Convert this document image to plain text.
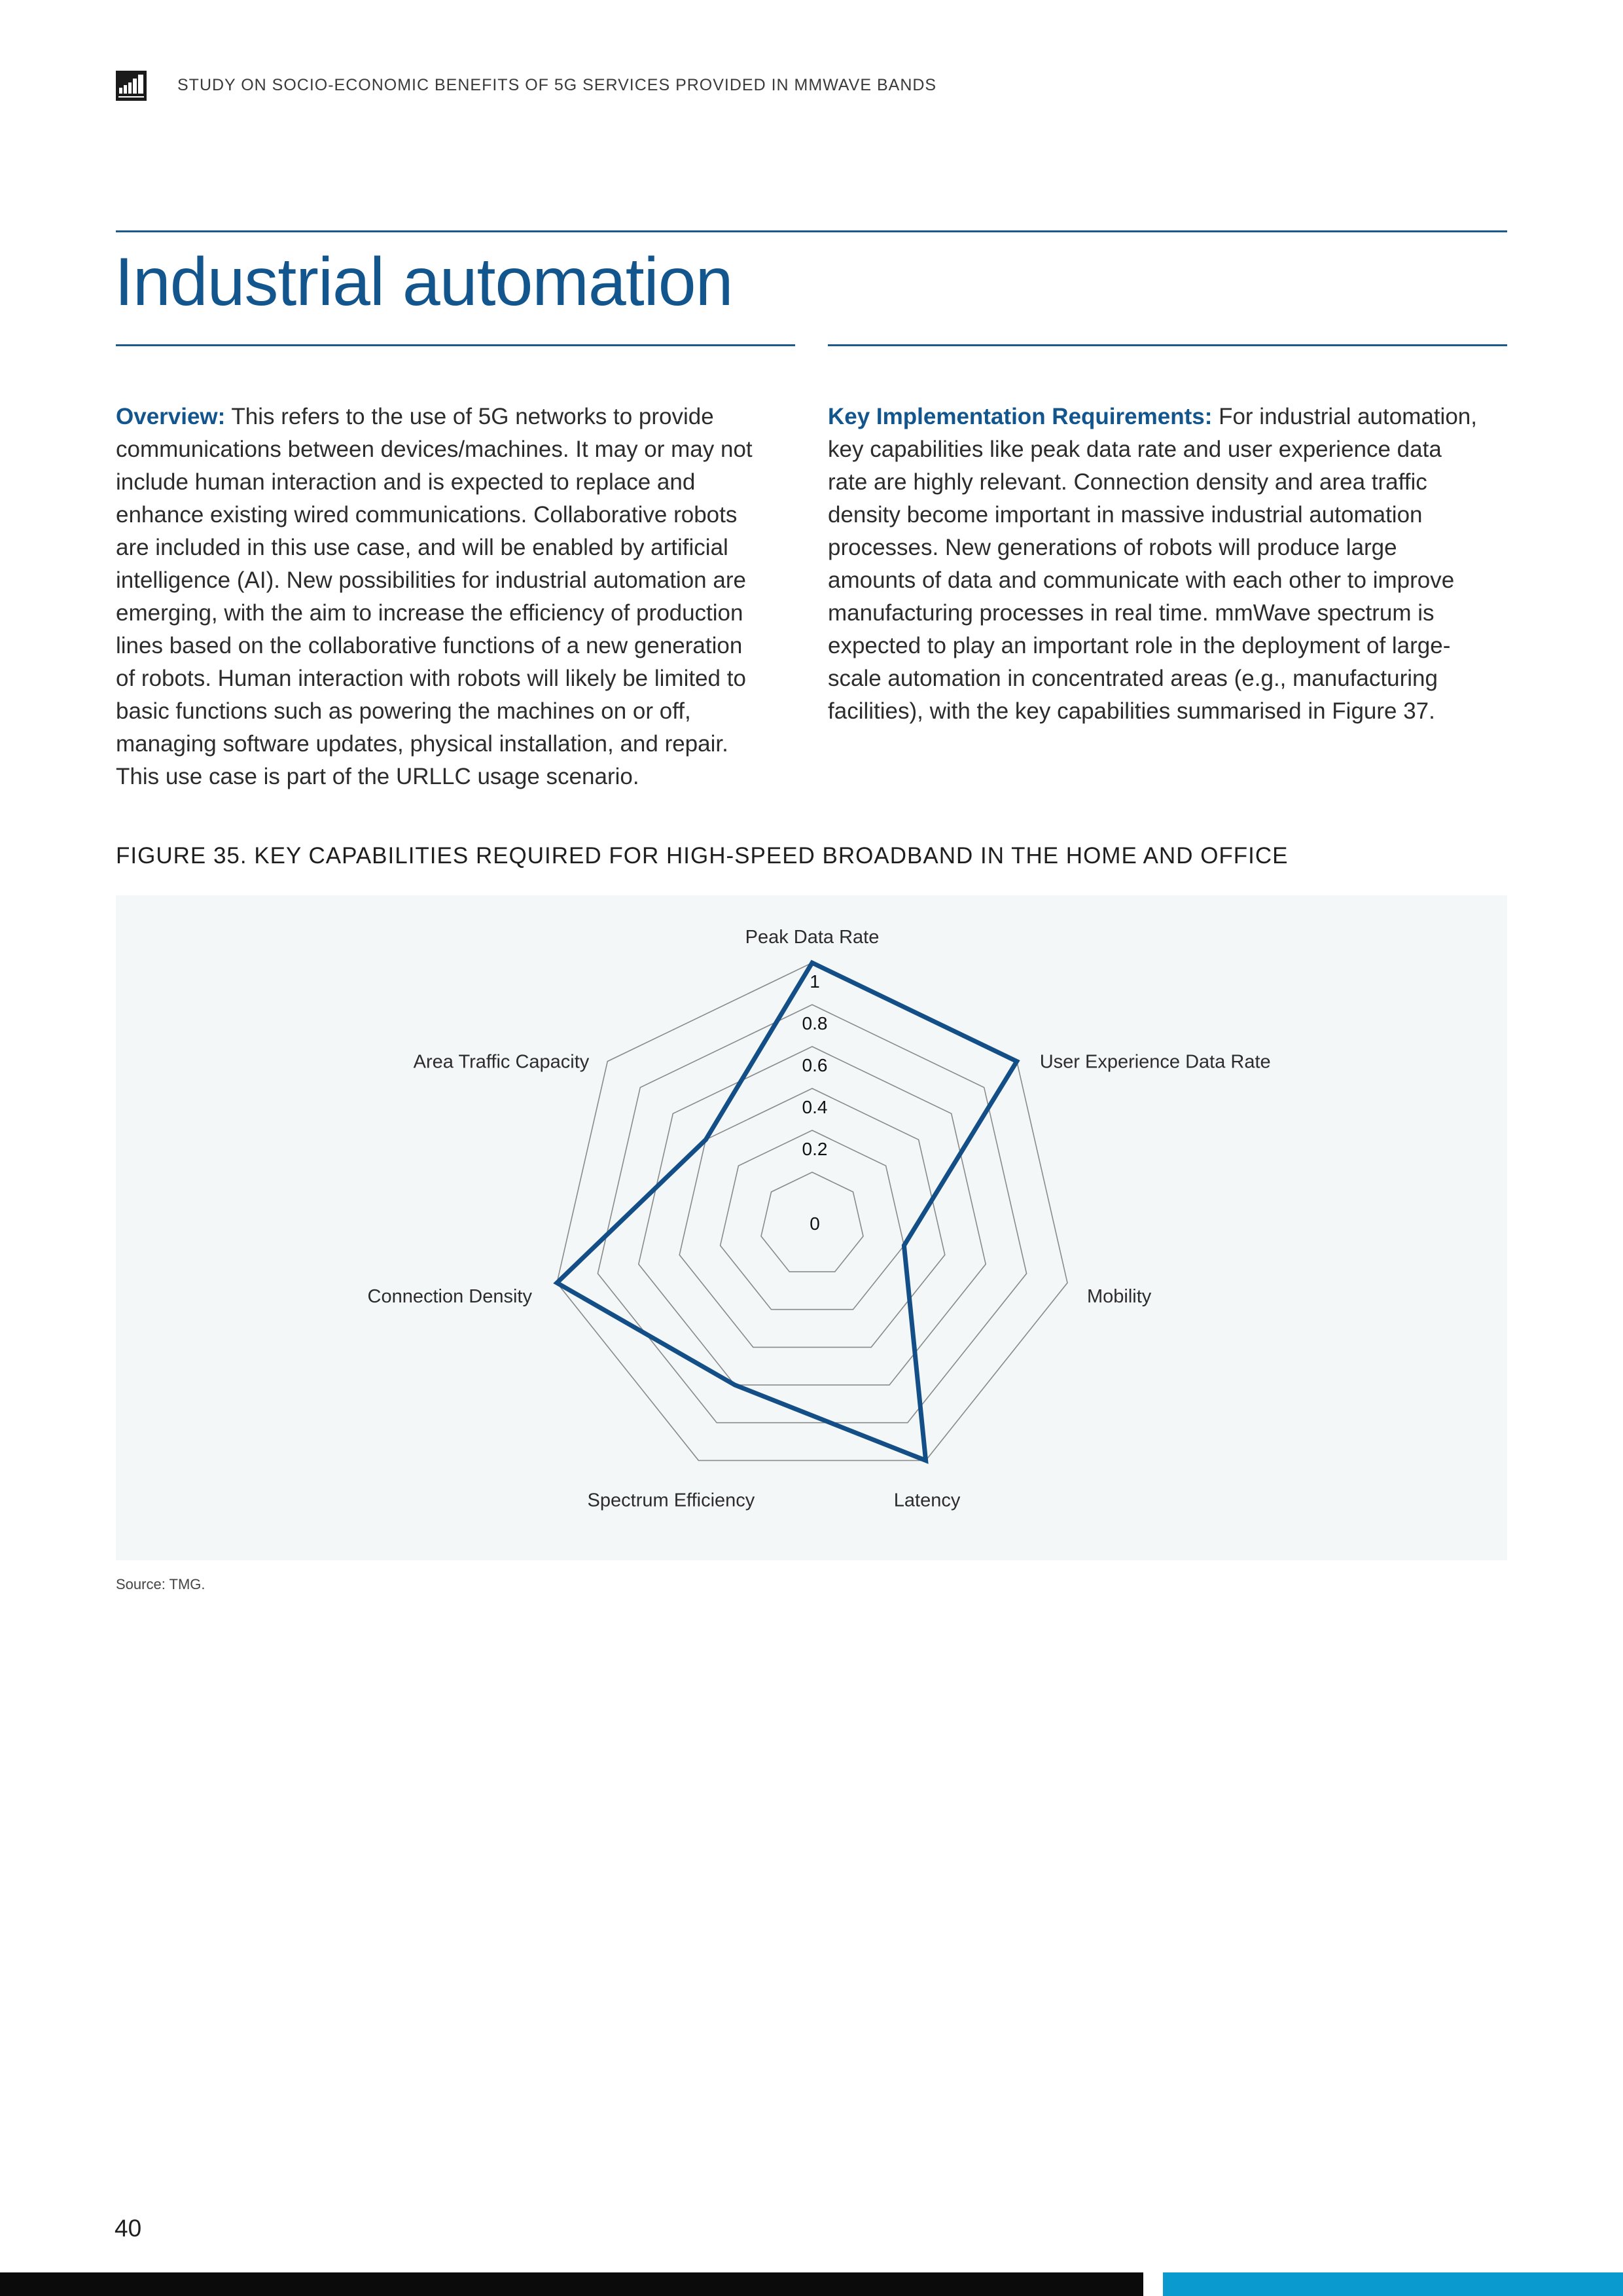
STUDY ON SOCIO-ECONOMIC BENEFITS OF 5G SERVICES PROVIDED IN MMWAVE BANDS
Industrial automation
Overview: This refers to the use of 5G networks to provide communications between devices/machines. It may or may not include human interaction and is expected to replace and enhance existing wired communications. Collaborative robots are included in this use case, and will be enabled by artificial intelligence (AI). New possibilities for industrial automation are emerging, with the aim to increase the efficiency of production lines based on the collaborative functions of a new generation of robots. Human interaction with robots will likely be limited to basic functions such as powering the machines on or off, managing software updates, physical installation, and repair. This use case is part of the URLLC usage scenario.
Key Implementation Requirements: For industrial automation, key capabilities like peak data rate and user experience data rate are highly relevant. Connection density and area traffic density become important in massive industrial automation processes. New generations of robots will produce large amounts of data and communicate with each other to improve manufacturing processes in real time. mmWave spectrum is expected to play an important role in the deployment of large-scale automation in concentrated areas (e.g., manufacturing facilities), with the key capabilities summarised in Figure 37.
FIGURE 35. KEY CAPABILITIES REQUIRED FOR HIGH-SPEED BROADBAND IN THE HOME AND OFFICE
0
0.2
0.4
0.6
0.8
1
Peak Data Rate
User Experience Data Rate
Mobility
Latency
Spectrum Efficiency
Connection Density
Area Traffic Capacity
Source: TMG.
40
